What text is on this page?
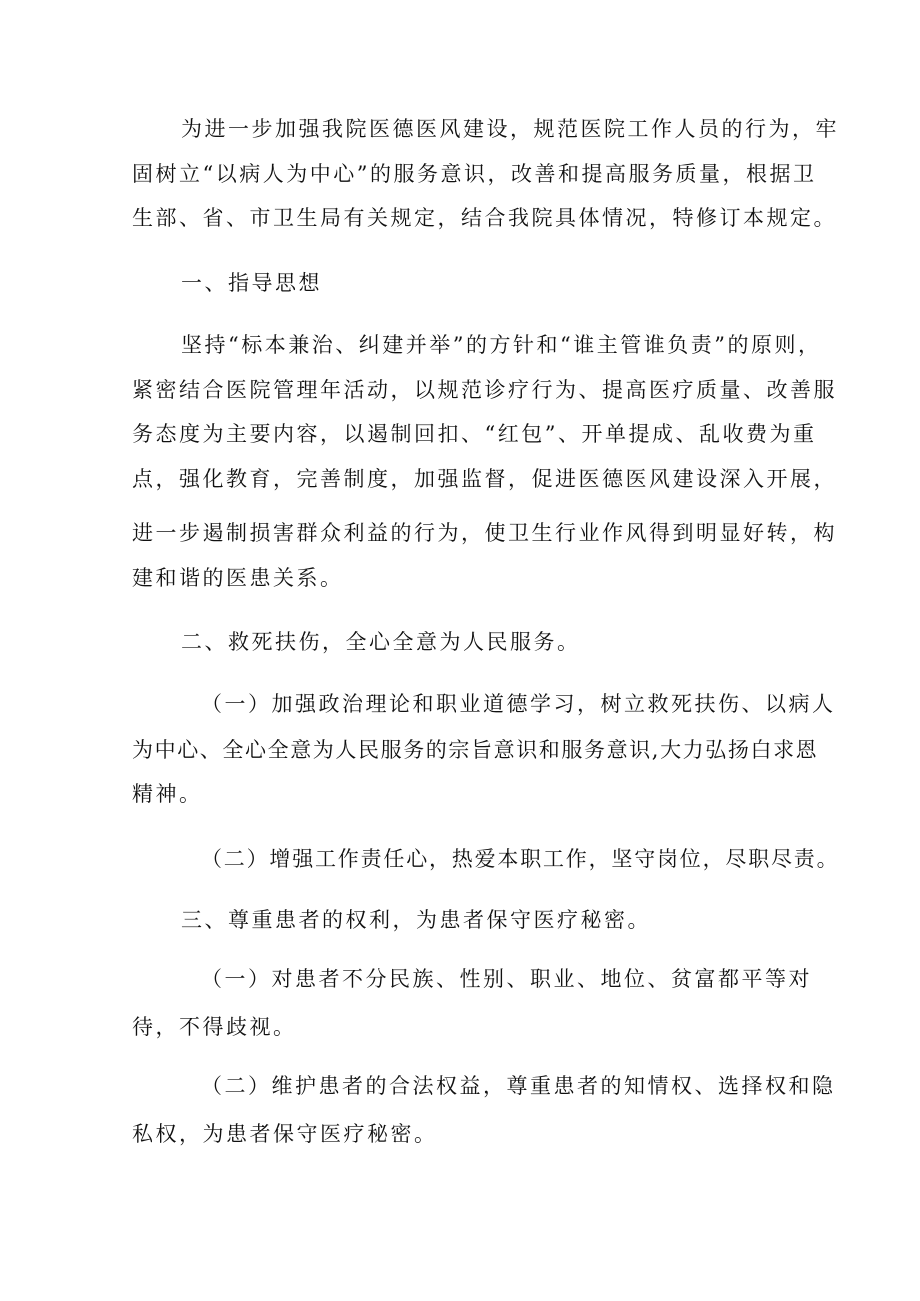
为进一步加强我院医德医风建设，规范医院工作人员的行为，牢

固树立“以病人为中心”的服务意识，改善和提高服务质量，根据卫

生部、省、市卫生局有关规定，结合我院具体情况，特修订本规定。

一、指导思想

坚持“标本兼治、纠建并举”的方针和“谁主管谁负责”的原则，

紧密结合医院管理年活动，以规范诊疗行为、提高医疗质量、改善服

务态度为主要内容，以遏制回扣、“红包”、开单提成、乱收费为重

点，强化教育，完善制度，加强监督，促进医德医风建设深入开展，

进一步遏制损害群众利益的行为，使卫生行业作风得到明显好转，构

建和谐的医患关系。

二、救死扶伤，全心全意为人民服务。

（一）加强政治理论和职业道德学习，树立救死扶伤、以病人

为中心、全心全意为人民服务的宗旨意识和服务意识,大力弘扬白求恩

精神。

（二）增强工作责任心，热爱本职工作，坚守岗位，尽职尽责。

三、尊重患者的权利，为患者保守医疗秘密。

（一）对患者不分民族、性别、职业、地位、贫富都平等对

待，不得歧视。

（二）维护患者的合法权益，尊重患者的知情权、选择权和隐

私权，为患者保守医疗秘密。
